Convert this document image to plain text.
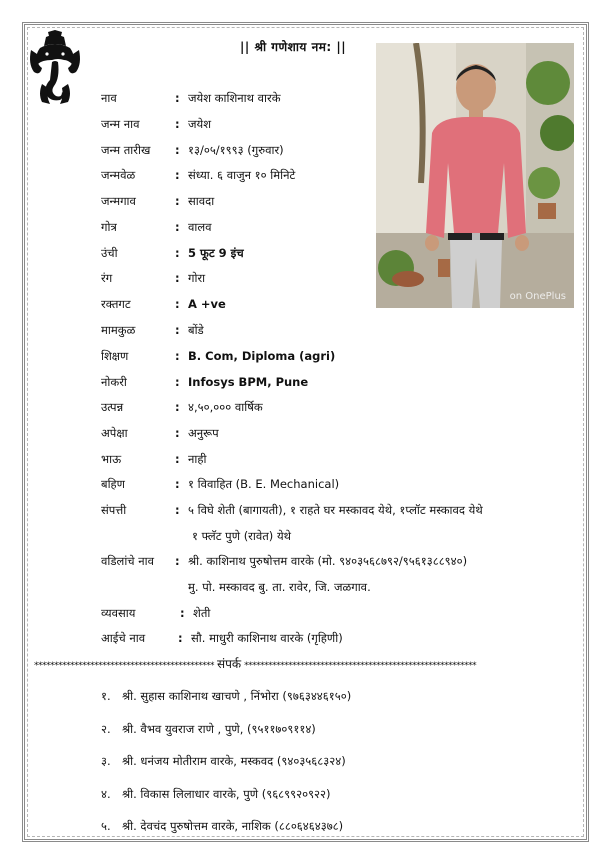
|| श्री गणेशाय नम: ||
on OnePlus
नाव	: जयेश काशिनाथ वारके
जन्म नाव	: जयेश
जन्म तारीख : १३/०५/१९९३ (गुरुवार)
जन्मवेळ	: संध्या. ६ वाजुन १० मिनिटे
जन्मगाव	: सावदा
गोत्र	: वालव
उंची	: 5 फूट 9 इंच
रंग	: गोरा
रक्तगट	: A +ve
मामकुळ	: बोंडे
शिक्षण	: B. Com, Diploma (agri)
नोकरी	: Infosys BPM, Pune
उत्पन्न	: ४,५०,००० वार्षिक
अपेक्षा	: अनुरूप
भाऊ	: नाही
बहिण	: १ विवाहित (B. E. Mechanical)
संपत्ती	: ५ विघे शेती (बागायती), १ राहते घर मस्कावद येथे, १प्लॉट मस्कावद येथे
१ फ्लॅट पुणे (रावेत) येथे
वडिलांचे नाव : श्री. काशिनाथ पुरुषोत्तम वारके (मो. ९४०३५६८७९२/९५६१३८८९४०)
मु. पो. मस्कावद बु. ता. रावेर, जि. जळगाव.
व्यवसाय	: शेती
आईचे नाव	: सौ. माधुरी काशिनाथ वारके (गृहिणी)
********************************************* संपर्क **********************************************************
१. श्री. सुहास काशिनाथ खाचणे , निंभोरा (९७६३४४६१५०)
२. श्री. वैभव युवराज राणे , पुणे, (९५११७०९११४)
३. श्री. धनंजय मोतीराम वारके, मस्कवद (९४०३५६८३२४)
४. श्री. विकास लिलाधार वारके, पुणे (९६८९९२०९२२)
५. श्री. देवचंद पुरुषोत्तम वारके, नाशिक (८८०६४६४३७८)
